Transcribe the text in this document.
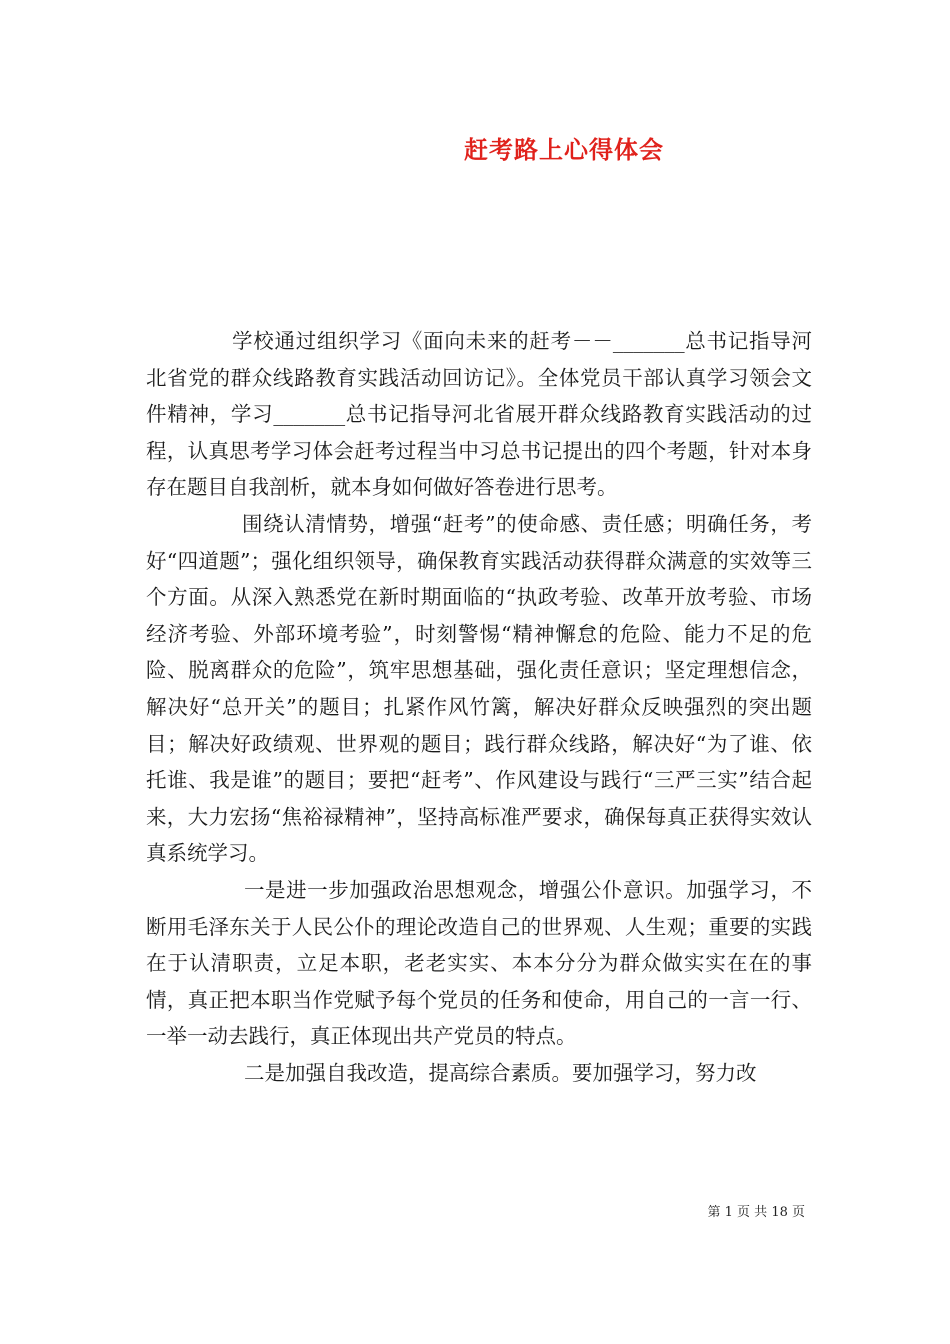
赶考路上心得体会

学校通过组织学习《面向未来的赶考－－_______总书记指导河北省党的群众线路教育实践活动回访记》。全体党员干部认真学习领会文件精神，学习_______总书记指导河北省展开群众线路教育实践活动的过程，认真思考学习体会赶考过程当中习总书记提出的四个考题，针对本身存在题目自我剖析，就本身如何做好答卷进行思考。

围绕认清情势，增强“赶考”的使命感、责任感；明确任务，考好“四道题”；强化组织领导，确保教育实践活动获得群众满意的实效等三个方面。从深入熟悉党在新时期面临的“执政考验、改革开放考验、市场经济考验、外部环境考验”，时刻警惕“精神懈怠的危险、能力不足的危险、脱离群众的危险”，筑牢思想基础，强化责任意识；坚定理想信念，解决好“总开关”的题目；扎紧作风竹篱，解决好群众反映强烈的突出题目；解决好政绩观、世界观的题目；践行群众线路，解决好“为了谁、依托谁、我是谁”的题目；要把“赶考”、作风建设与践行“三严三实”结合起来，大力宏扬“焦裕禄精神”，坚持高标准严要求，确保每真正获得实效认真系统学习。

一是进一步加强政治思想观念，增强公仆意识。加强学习，不断用毛泽东关于人民公仆的理论改造自己的世界观、人生观；重要的实践在于认清职责，立足本职，老老实实、本本分分为群众做实实在在的事情，真正把本职当作党赋予每个党员的任务和使命，用自己的一言一行、一举一动去践行，真正体现出共产党员的特点。

二是加强自我改造，提高综合素质。要加强学习，努力改

第 1 页 共 18 页
